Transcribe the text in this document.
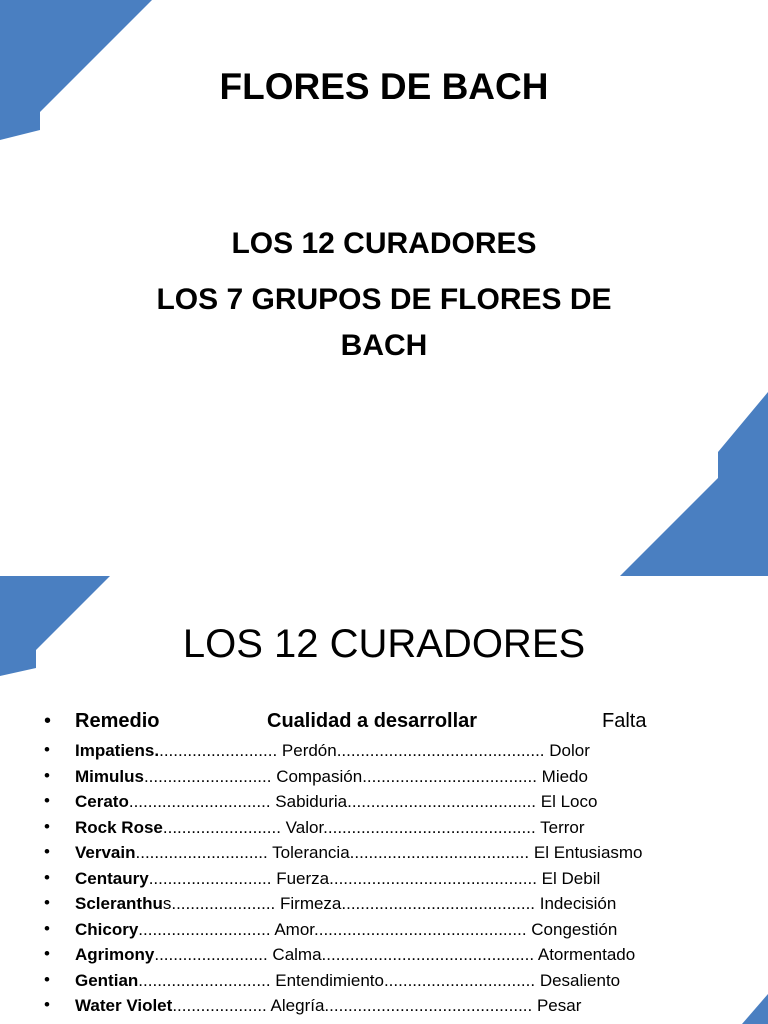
FLORES DE BACH
LOS 12 CURADORES
LOS 7 GRUPOS DE FLORES DE
BACH
LOS 12 CURADORES
• Remedio	Cualidad a desarrollar	Falta
• Impatiens.......................... Perdón............................................ Dolor
• Mimulus........................... Compasión..................................... Miedo
• Cerato.............................. Sabiduria........................................ El Loco
• Rock Rose......................... Valor............................................. Terror
• Vervain............................ Tolerancia...................................... El Entusiasmo
• Centaury.......................... Fuerza............................................ El Debil
• Scleranthus...................... Firmeza......................................... Indecisión
• Chicory............................ Amor............................................. Congestión
• Agrimony........................ Calma............................................. Atormentado
• Gentian............................ Entendimiento................................ Desaliento
• Water Violet.................... Alegría............................................ Pesar
